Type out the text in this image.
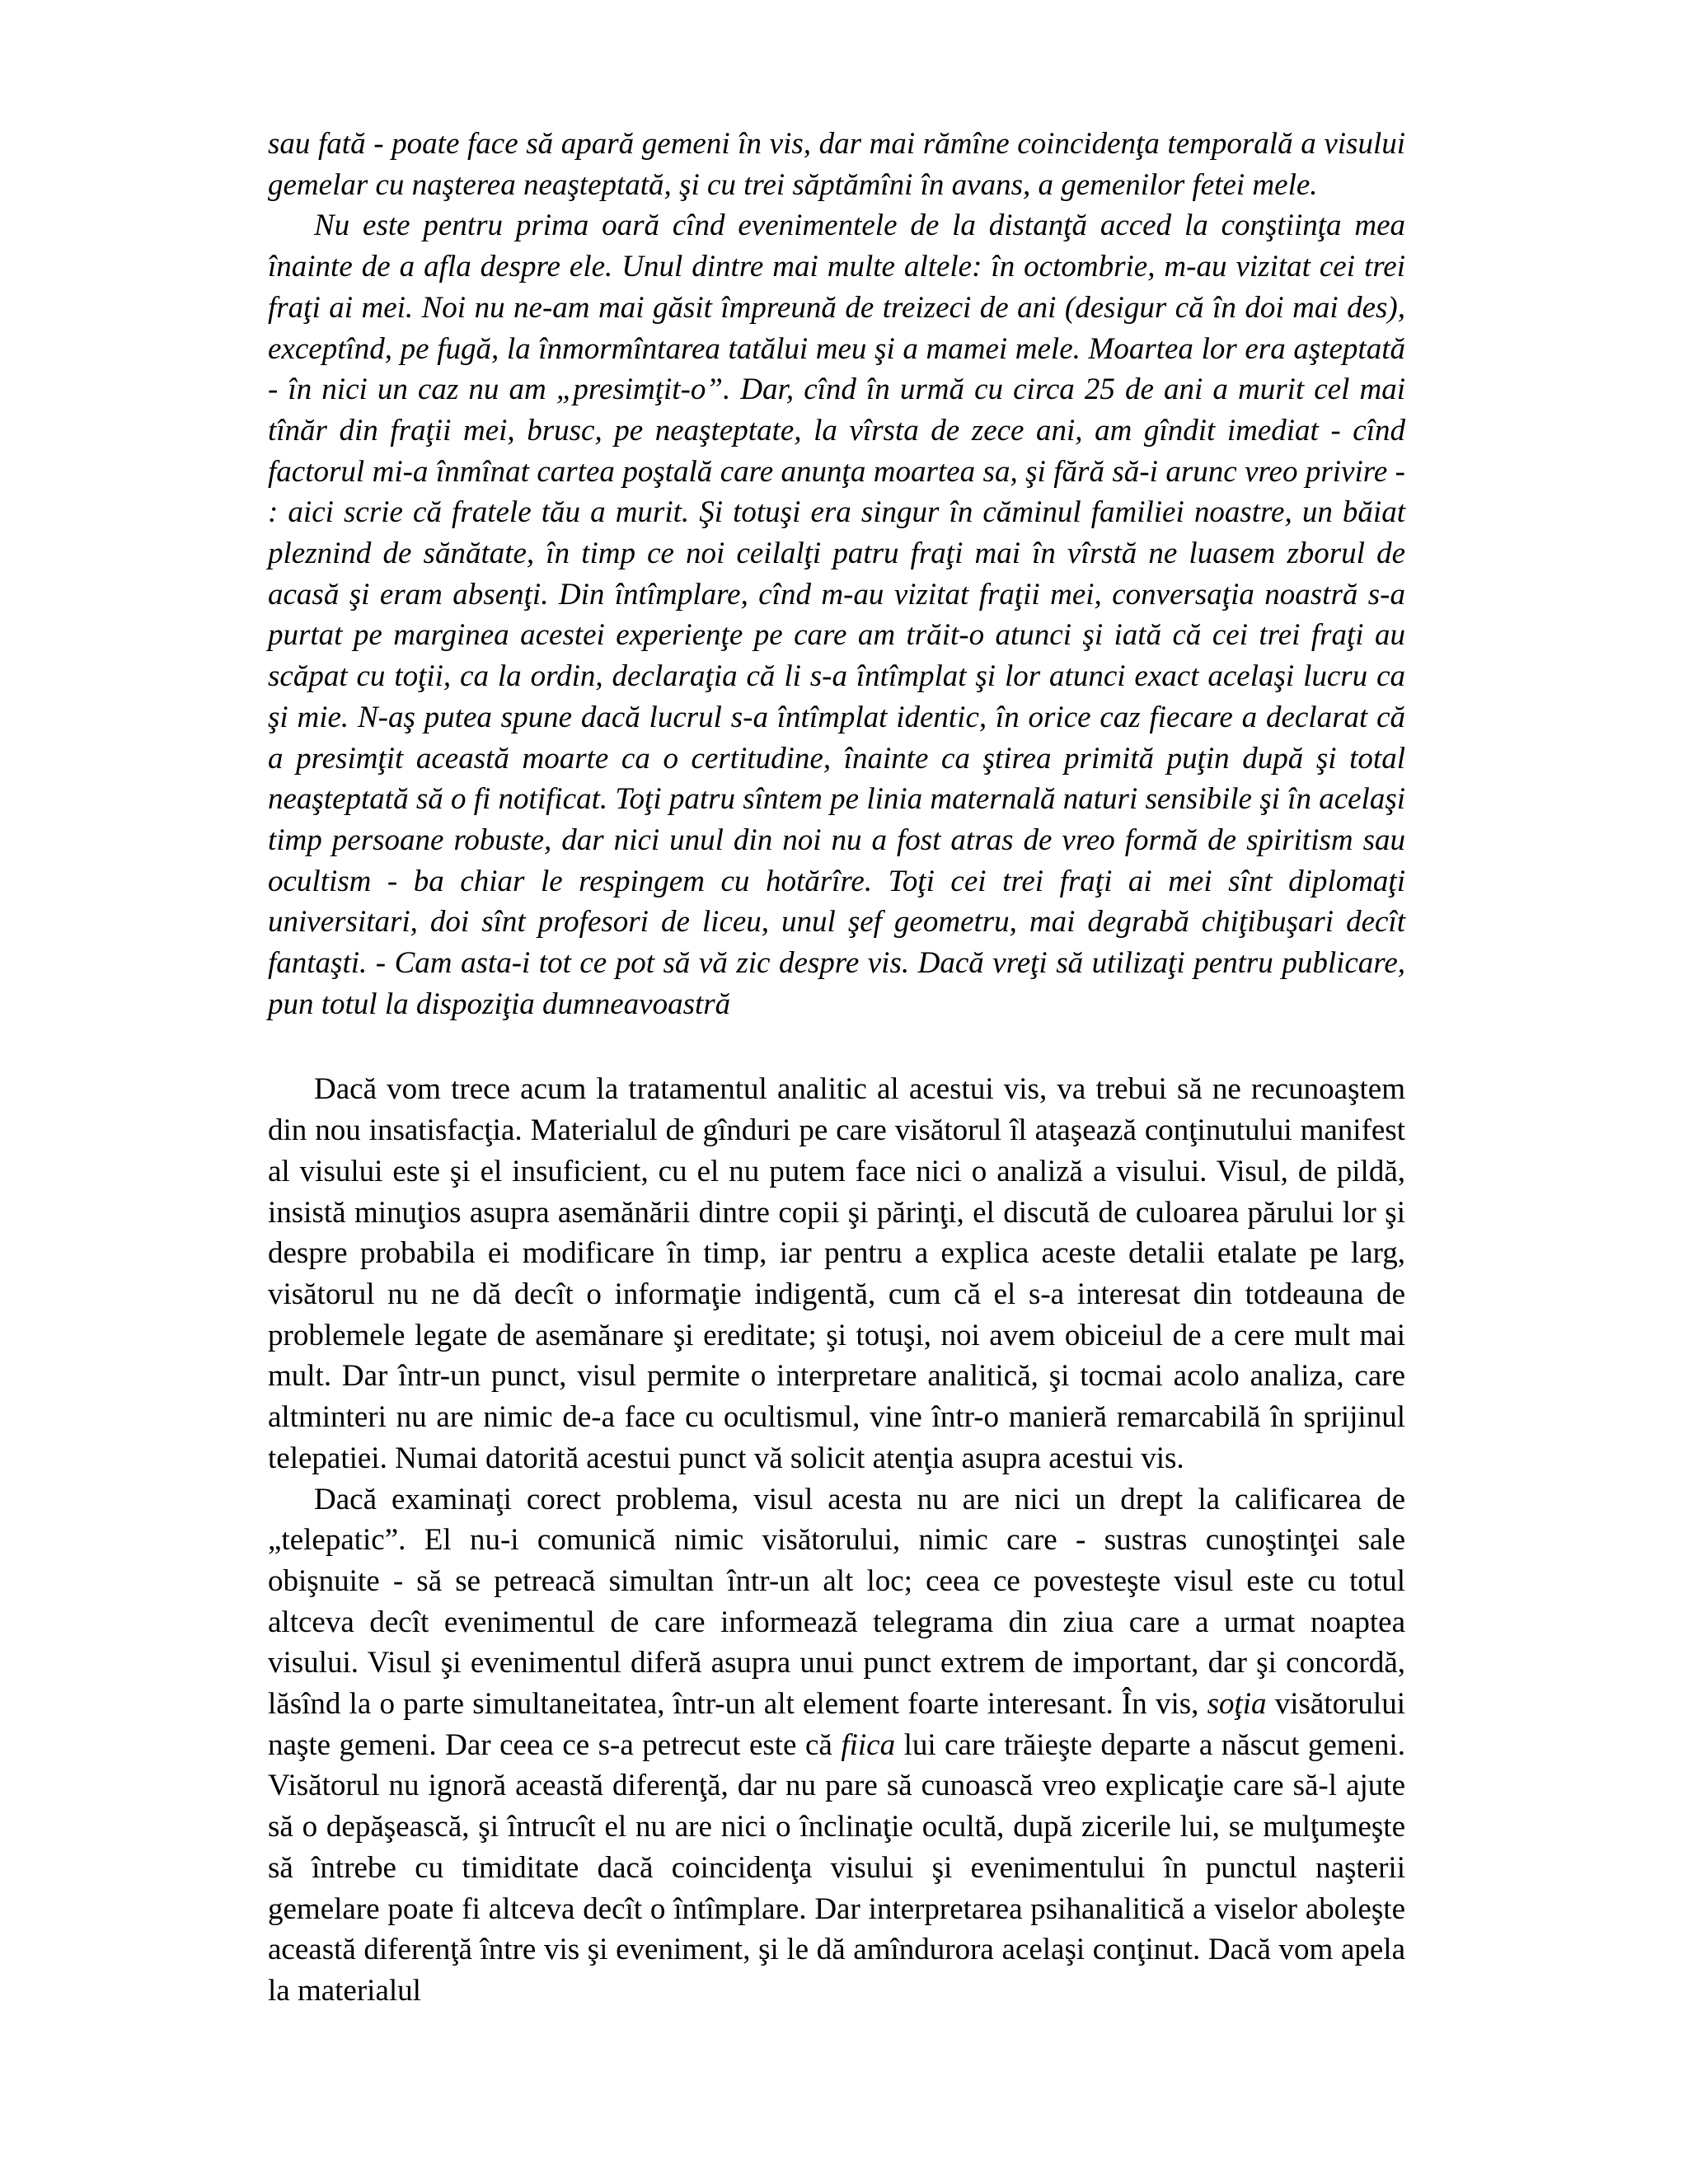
sau fată - poate face să apară gemeni în vis, dar mai rămîne coincidenţa temporală a visului gemelar cu naşterea neaşteptată, şi cu trei săptămîni în avans, a gemenilor fetei mele.

Nu este pentru prima oară cînd evenimentele de la distanţă acced la conştiinţa mea înainte de a afla despre ele. Unul dintre mai multe altele: în octombrie, m-au vizitat cei trei fraţi ai mei. Noi nu ne-am mai găsit împreună de treizeci de ani (desigur că în doi mai des), exceptînd, pe fugă, la înmormîntarea tatălui meu şi a mamei mele. Moartea lor era aşteptată - în nici un caz nu am „presimţit-o”. Dar, cînd în urmă cu circa 25 de ani a murit cel mai tînăr din fraţii mei, brusc, pe neaşteptate, la vîrsta de zece ani, am gîndit imediat - cînd factorul mi-a înmînat cartea poştală care anunţa moartea sa, şi fără să-i arunc vreo privire - : aici scrie că fratele tău a murit. Şi totuşi era singur în căminul familiei noastre, un băiat pleznind de sănătate, în timp ce noi ceilalţi patru fraţi mai în vîrstă ne luasem zborul de acasă şi eram absenţi. Din întîmplare, cînd m-au vizitat fraţii mei, conversaţia noastră s-a purtat pe marginea acestei experienţe pe care am trăit-o atunci şi iată că cei trei fraţi au scăpat cu toţii, ca la ordin, declaraţia că li s-a întîmplat şi lor atunci exact acelaşi lucru ca şi mie. N-aş putea spune dacă lucrul s-a întîmplat identic, în orice caz fiecare a declarat că a presimţit această moarte ca o certitudine, înainte ca ştirea primită puţin după şi total neaşteptată să o fi notificat. Toţi patru sîntem pe linia maternală naturi sensibile şi în acelaşi timp persoane robuste, dar nici unul din noi nu a fost atras de vreo formă de spiritism sau ocultism - ba chiar le respingem cu hotărîre. Toţi cei trei fraţi ai mei sînt diplomaţi universitari, doi sînt profesori de liceu, unul şef geometru, mai degrabă chiţibuşari decît fantaşti. - Cam asta-i tot ce pot să vă zic despre vis. Dacă vreţi să utilizaţi pentru publicare, pun totul la dispoziţia dumneavoastră

Dacă vom trece acum la tratamentul analitic al acestui vis, va trebui să ne recunoaştem din nou insatisfacţia. Materialul de gînduri pe care visătorul îl ataşează conţinutului manifest al visului este şi el insuficient, cu el nu putem face nici o analiză a visului. Visul, de pildă, insistă minuţios asupra asemănării dintre copii şi părinţi, el discută de culoarea părului lor şi despre probabila ei modificare în timp, iar pentru a explica aceste detalii etalate pe larg, visătorul nu ne dă decît o informaţie indigentă, cum că el s-a interesat din totdeauna de problemele legate de asemănare şi ereditate; şi totuşi, noi avem obiceiul de a cere mult mai mult. Dar într-un punct, visul permite o interpretare analitică, şi tocmai acolo analiza, care altminteri nu are nimic de-a face cu ocultismul, vine într-o manieră remarcabilă în sprijinul telepatiei. Numai datorită acestui punct vă solicit atenţia asupra acestui vis.

Dacă examinaţi corect problema, visul acesta nu are nici un drept la calificarea de „telepatic”. El nu-i comunică nimic visătorului, nimic care - sustras cunoştinţei sale obişnuite - să se petreacă simultan într-un alt loc; ceea ce povesteşte visul este cu totul altceva decît evenimentul de care informează telegrama din ziua care a urmat noaptea visului. Visul şi evenimentul diferă asupra unui punct extrem de important, dar şi concordă, lăsînd la o parte simultaneitatea, într-un alt element foarte interesant. În vis, soţia visătorului naşte gemeni. Dar ceea ce s-a petrecut este că fiica lui care trăieşte departe a născut gemeni. Visătorul nu ignoră această diferenţă, dar nu pare să cunoască vreo explicaţie care să-l ajute să o depăşească, şi întrucît el nu are nici o înclinaţie ocultă, după zicerile lui, se mulţumeşte să întrebe cu timiditate dacă coincidenţa visului şi evenimentului în punctul naşterii gemelare poate fi altceva decît o întîmplare. Dar interpretarea psihanalitică a viselor aboleşte această diferenţă între vis şi eveniment, şi le dă amîndurora acelaşi conţinut. Dacă vom apela la materialul
